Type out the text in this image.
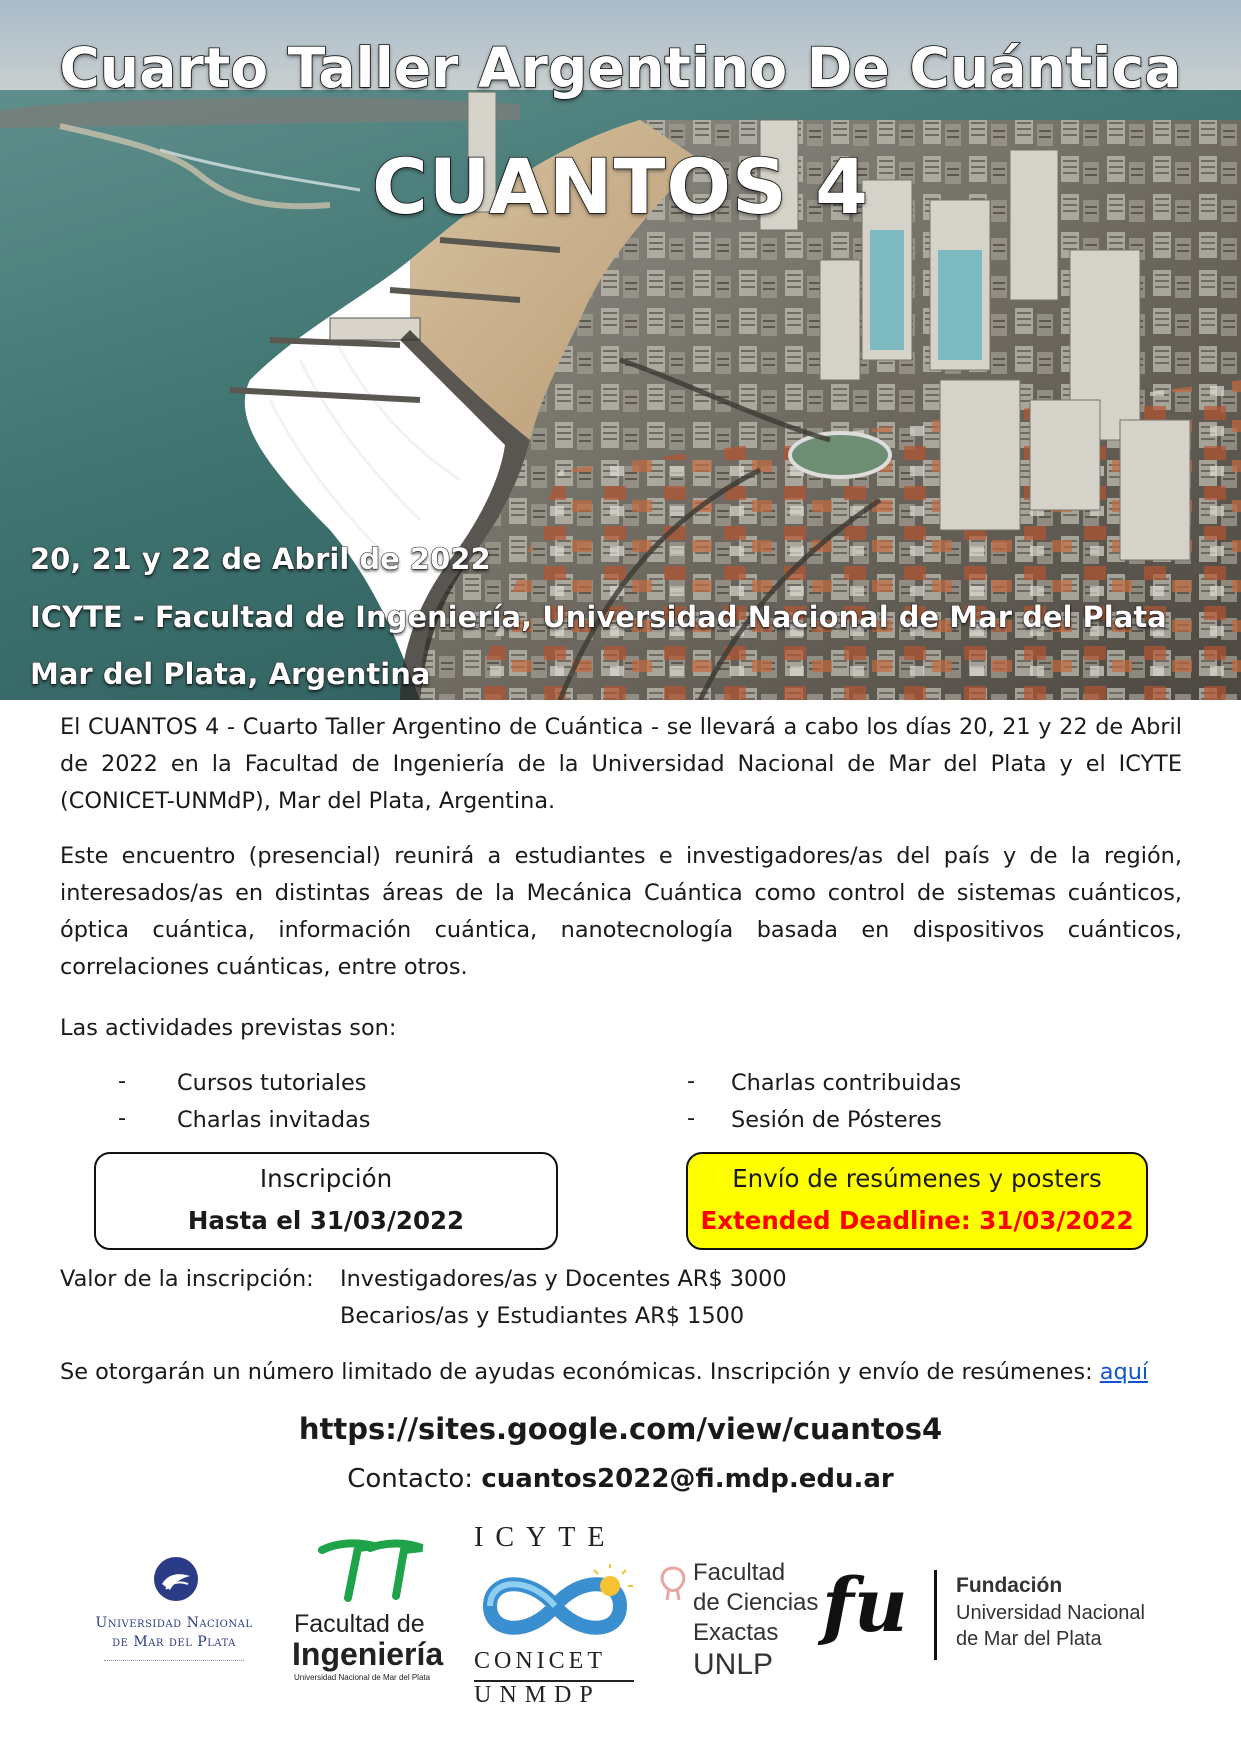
Cuarto Taller Argentino De Cuántica
CUANTOS 4
20, 21 y 22 de Abril de 2022
ICYTE - Facultad de Ingeniería, Universidad Nacional de Mar del Plata
Mar del Plata, Argentina

El CUANTOS 4 - Cuarto Taller Argentino de Cuántica - se llevará a cabo los días 20, 21 y 22 de Abril de 2022 en la Facultad de Ingeniería de la Universidad Nacional de Mar del Plata y el ICYTE (CONICET-UNMdP), Mar del Plata, Argentina.

Este encuentro (presencial) reunirá a estudiantes e investigadores/as del país y de la región, interesados/as en distintas áreas de la Mecánica Cuántica como control de sistemas cuánticos, óptica cuántica, información cuántica, nanotecnología basada en dispositivos cuánticos, correlaciones cuánticas, entre otros.

Las actividades previstas son:

- Cursos tutoriales
- Charlas invitadas
- Charlas contribuidas
- Sesión de Pósteres
Inscripción
Hasta el 31/03/2022
Envío de resúmenes y posters
Extended Deadline: 31/03/2022
Valor de la inscripción: Investigadores/as y Docentes AR$ 3000
Becarios/as y Estudiantes AR$ 1500
Se otorgarán un número limitado de ayudas económicas. Inscripción y envío de resúmenes: aquí
https://sites.google.com/view/cuantos4
Contacto: cuantos2022@fi.mdp.edu.ar
Universidad Nacional
de Mar del Plata
Facultad de
Ingeniería
Universidad Nacional de Mar del Plata
ICYTE
CONICET
UNMDP
Facultad
de Ciencias
Exactas
UNLP
fu Fundación
Universidad Nacional
de Mar del Plata
